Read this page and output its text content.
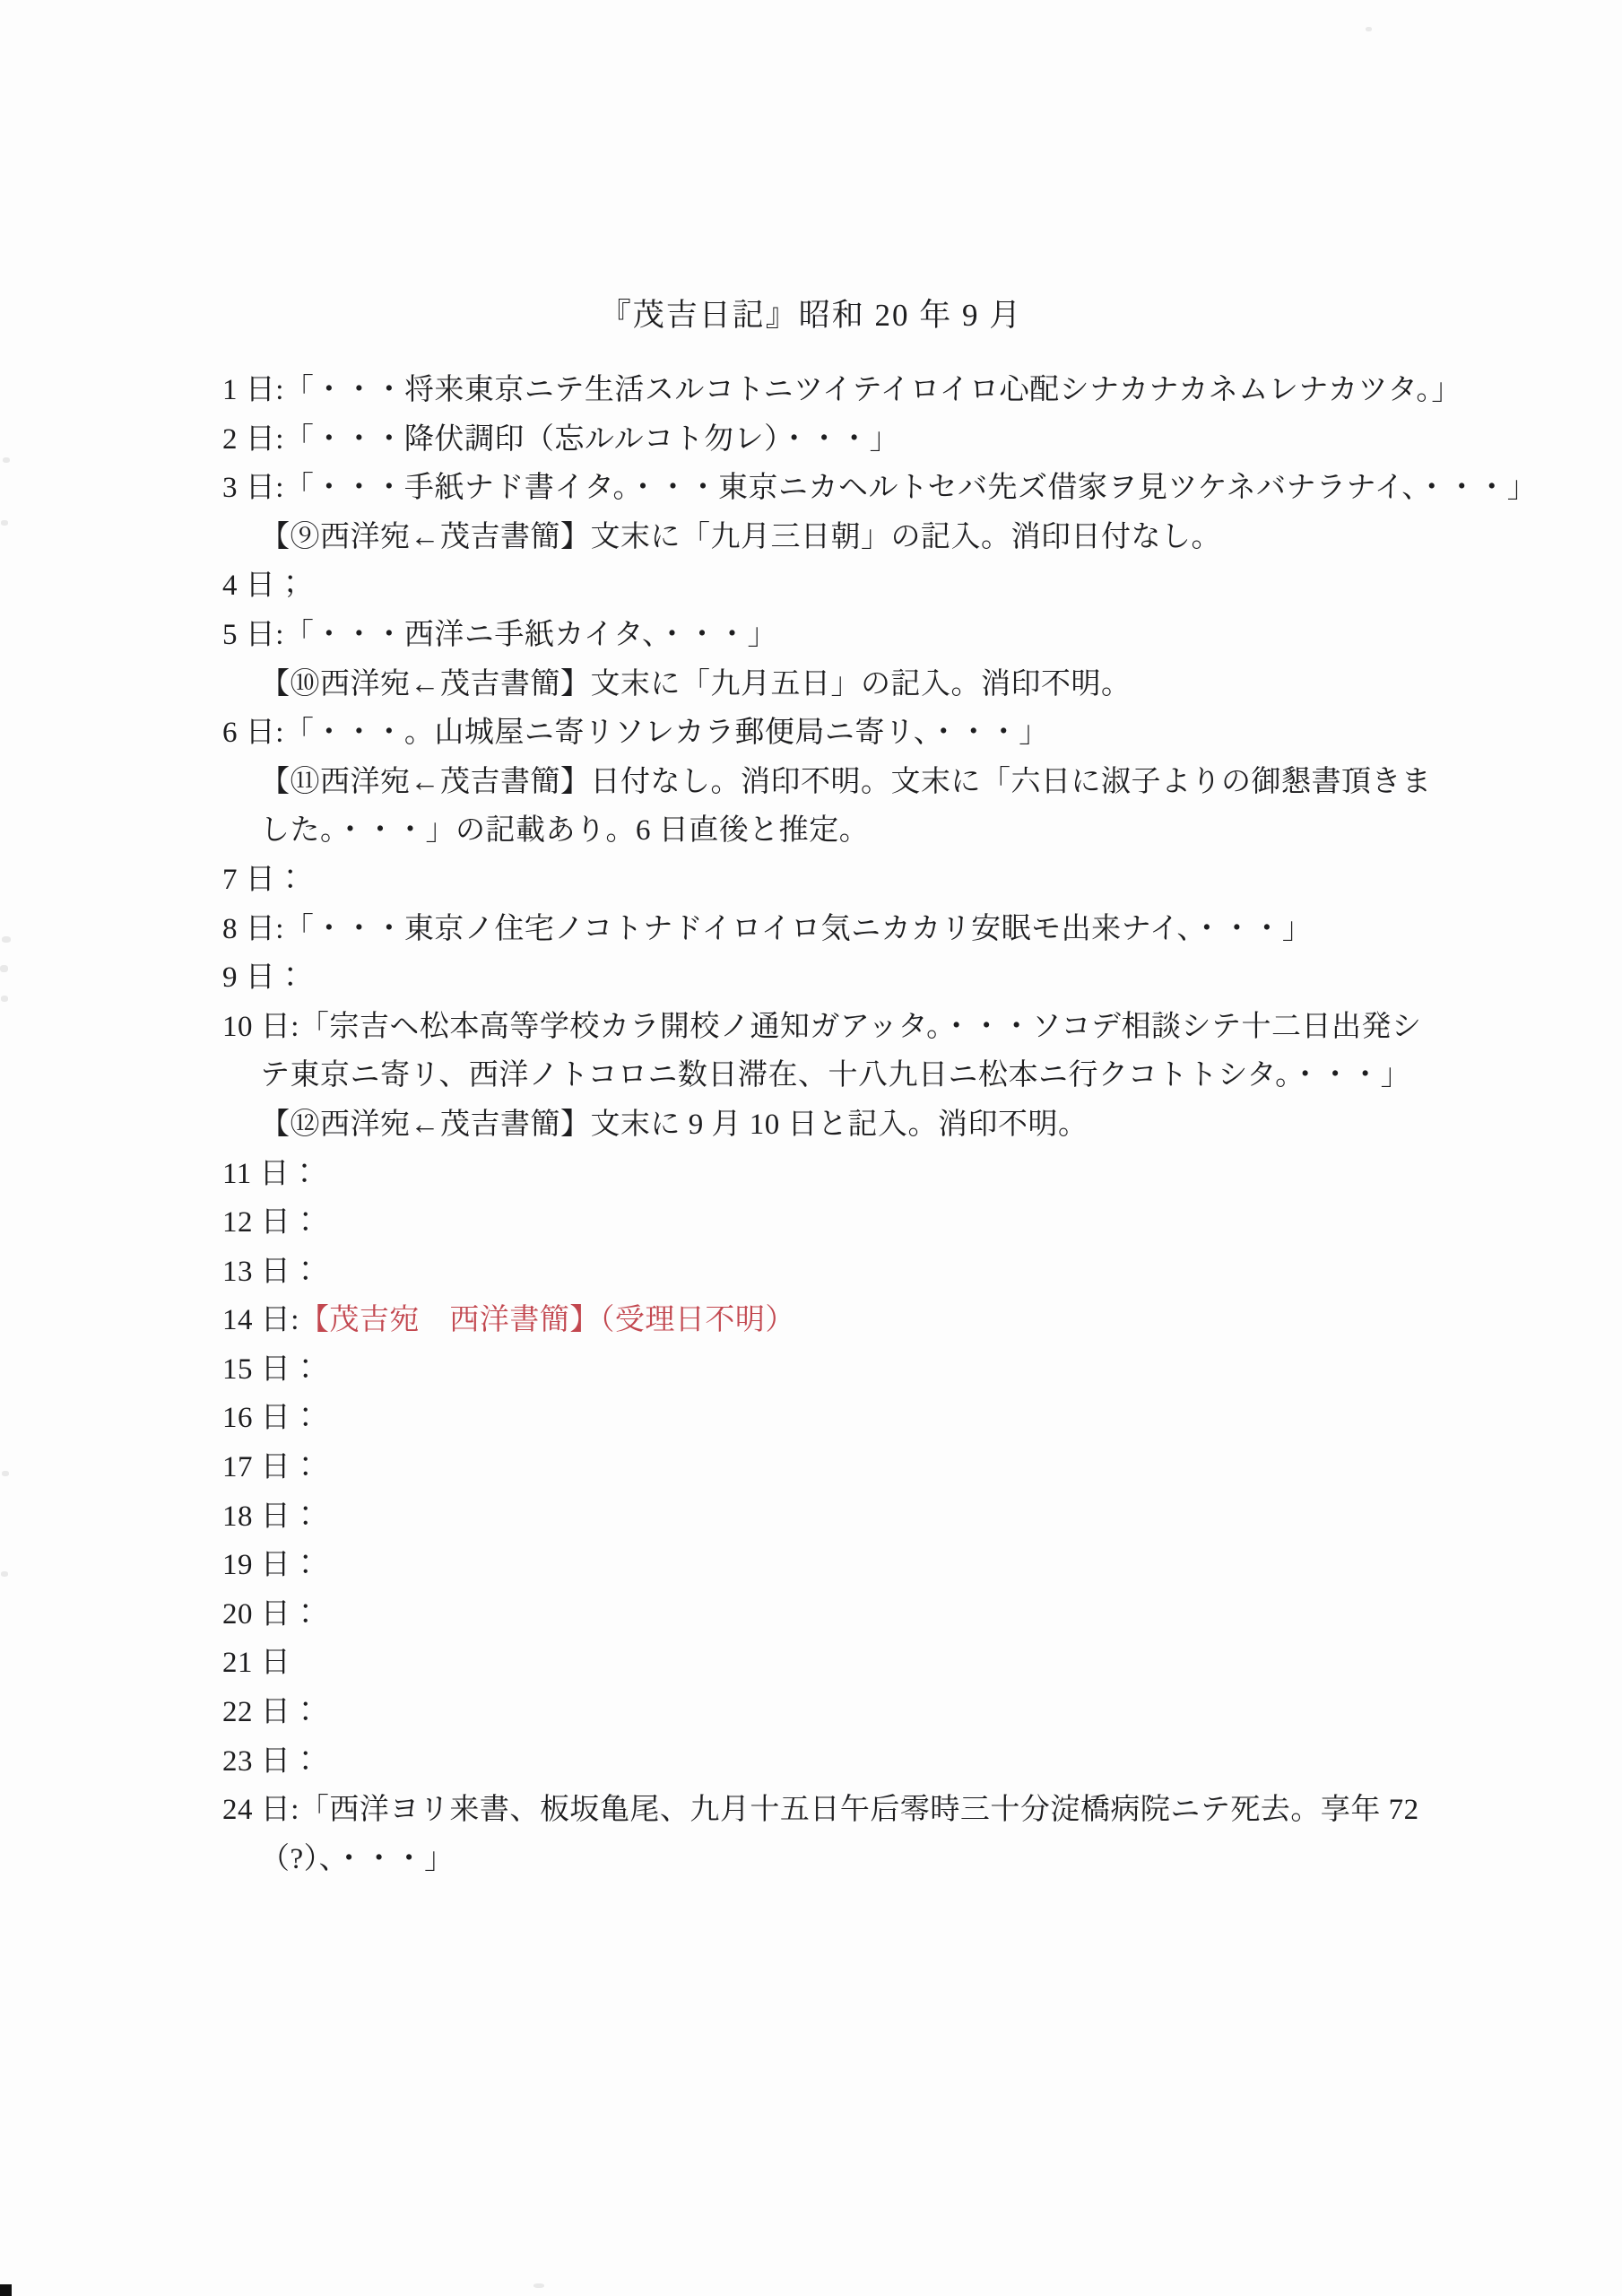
『茂吉日記』昭和 20 年 9 月
1 日:「・・・将来東京ニテ生活スルコトニツイテイロイロ心配シナカナカネムレナカツタ。」
2 日:「・・・降伏調印（忘ルルコト勿レ）・・・」
3 日:「・・・手紙ナド書イタ。・・・東京ニカヘルトセバ先ズ借家ヲ見ツケネバナラナイ、・・・」
【⑨西洋宛←茂吉書簡】文末に「九月三日朝」の記入。消印日付なし。
4 日；
5 日:「・・・西洋ニ手紙カイタ、・・・」
【⑩西洋宛←茂吉書簡】文末に「九月五日」の記入。消印不明。
6 日:「・・・。山城屋ニ寄リソレカラ郵便局ニ寄リ、・・・」
【⑪西洋宛←茂吉書簡】日付なし。消印不明。文末に「六日に淑子よりの御懇書頂きま
した。・・・」の記載あり。6 日直後と推定。
7 日：
8 日:「・・・東京ノ住宅ノコトナドイロイロ気ニカカリ安眠モ出来ナイ、・・・」
9 日：
10 日:「宗吉ヘ松本高等学校カラ開校ノ通知ガアッタ。・・・ソコデ相談シテ十二日出発シ
テ東京ニ寄リ、西洋ノトコロニ数日滞在、十八九日ニ松本ニ行クコトトシタ。・・・」
【⑫西洋宛←茂吉書簡】文末に 9 月 10 日と記入。消印不明。
11 日：
12 日：
13 日：
14 日:【茂吉宛　西洋書簡】（受理日不明）
15 日：
16 日：
17 日：
18 日：
19 日：
20 日：
21 日
22 日：
23 日：
24 日:「西洋ヨリ来書、板坂亀尾、九月十五日午后零時三十分淀橋病院ニテ死去。享年 72
（?）、・・・」
